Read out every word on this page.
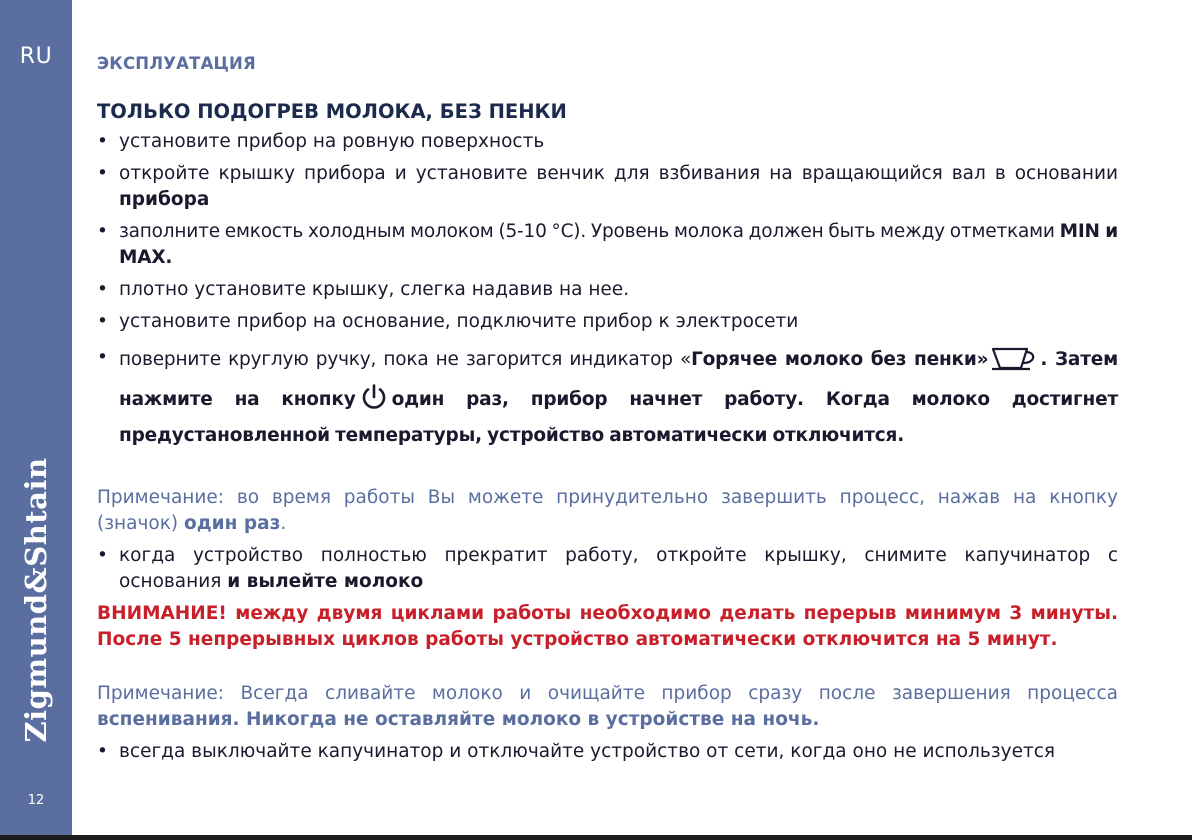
RU
Zigmund&Shtain
12

ЭКСПЛУАТАЦИЯ

ТОЛЬКО ПОДОГРЕВ МОЛОКА, БЕЗ ПЕНКИ

• установите прибор на ровную поверхность

• откройте крышку прибора и установите венчик для взбивания на вращающийся вал в основании прибора

• заполните емкость холодным молоком (5-10 °С). Уровень молока должен быть между отметками MIN и MAX.

• плотно установите крышку, слегка надавив на нее.

• установите прибор на основание, подключите прибор к электросети

• поверните круглую ручку, пока не загорится индикатор «Горячее молоко без пенки»	. Затем нажмите на кнопку один раз, прибор начнет работу. Когда молоко достигнет предустановленной температуры, устройство автоматически отключится.

Примечание: во время работы Вы можете принудительно завершить процесс, нажав на кнопку (значок) один раз.

• когда устройство полностью прекратит работу, откройте крышку, снимите капучинатор с основания и вылейте молоко

ВНИМАНИЕ! между двумя циклами работы необходимо делать перерыв минимум 3 минуты. После 5 непрерывных циклов работы устройство автоматически отключится на 5 минут.

Примечание: Всегда сливайте молоко и очищайте прибор сразу после завершения процесса вспенивания. Никогда не оставляйте молоко в устройстве на ночь.

• всегда выключайте капучинатор и отключайте устройство от сети, когда оно не используется
